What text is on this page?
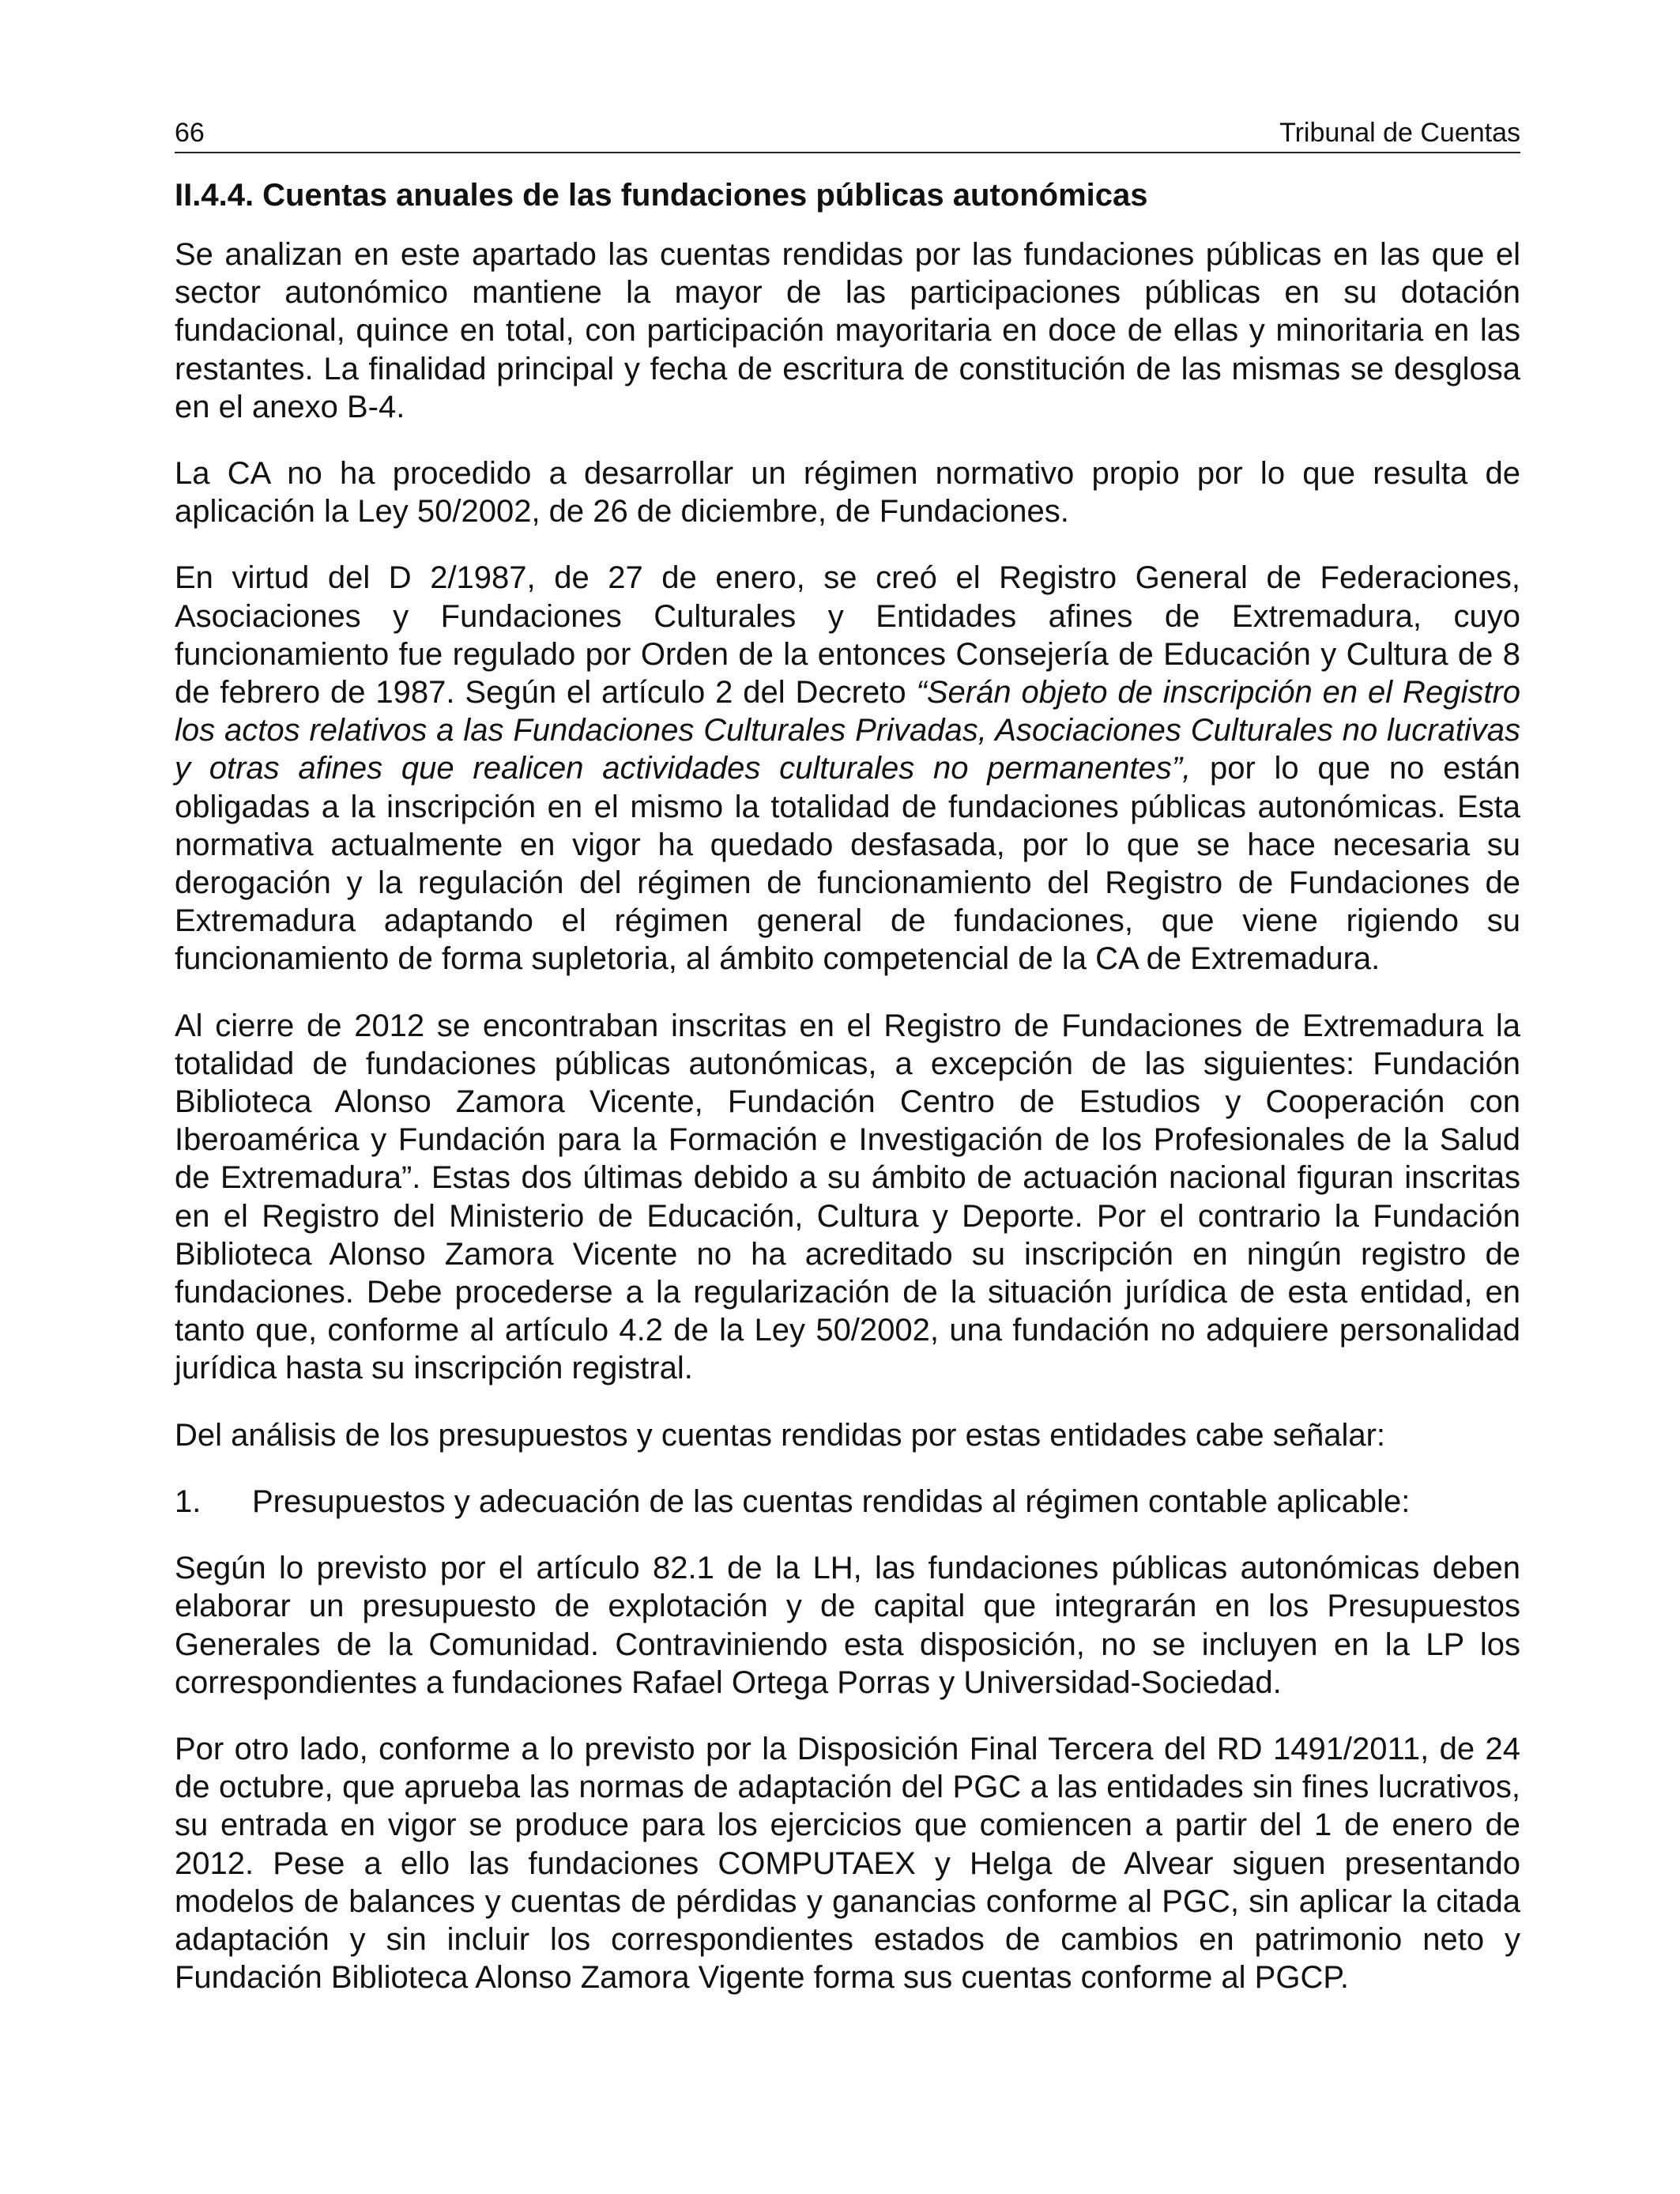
66	Tribunal de Cuentas
II.4.4. Cuentas anuales de las fundaciones públicas autonómicas

Se analizan en este apartado las cuentas rendidas por las fundaciones públicas en las que el sector autonómico mantiene la mayor de las participaciones públicas en su dotación fundacional, quince en total, con participación mayoritaria en doce de ellas y minoritaria en las restantes. La finalidad principal y fecha de escritura de constitución de las mismas se desglosa en el anexo B-4.

La CA no ha procedido a desarrollar un régimen normativo propio por lo que resulta de aplicación la Ley 50/2002, de 26 de diciembre, de Fundaciones.

En virtud del D 2/1987, de 27 de enero, se creó el Registro General de Federaciones, Asociaciones y Fundaciones Culturales y Entidades afines de Extremadura, cuyo funcionamiento fue regulado por Orden de la entonces Consejería de Educación y Cultura de 8 de febrero de 1987. Según el artículo 2 del Decreto “Serán objeto de inscripción en el Registro los actos relativos a las Fundaciones Culturales Privadas, Asociaciones Culturales no lucrativas y otras afines que realicen actividades culturales no permanentes”, por lo que no están obligadas a la inscripción en el mismo la totalidad de fundaciones públicas autonómicas. Esta normativa actualmente en vigor ha quedado desfasada, por lo que se hace necesaria su derogación y la regulación del régimen de funcionamiento del Registro de Fundaciones de Extremadura adaptando el régimen general de fundaciones, que viene rigiendo su funcionamiento de forma supletoria, al ámbito competencial de la CA de Extremadura.

Al cierre de 2012 se encontraban inscritas en el Registro de Fundaciones de Extremadura la totalidad de fundaciones públicas autonómicas, a excepción de las siguientes: Fundación Biblioteca Alonso Zamora Vicente, Fundación Centro de Estudios y Cooperación con Iberoamérica y Fundación para la Formación e Investigación de los Profesionales de la Salud de Extremadura”. Estas dos últimas debido a su ámbito de actuación nacional figuran inscritas en el Registro del Ministerio de Educación, Cultura y Deporte. Por el contrario la Fundación Biblioteca Alonso Zamora Vicente no ha acreditado su inscripción en ningún registro de fundaciones. Debe procederse a la regularización de la situación jurídica de esta entidad, en tanto que, conforme al artículo 4.2 de la Ley 50/2002, una fundación no adquiere personalidad jurídica hasta su inscripción registral.

Del análisis de los presupuestos y cuentas rendidas por estas entidades cabe señalar:

1.	Presupuestos y adecuación de las cuentas rendidas al régimen contable aplicable:

Según lo previsto por el artículo 82.1 de la LH, las fundaciones públicas autonómicas deben elaborar un presupuesto de explotación y de capital que integrarán en los Presupuestos Generales de la Comunidad. Contraviniendo esta disposición, no se incluyen en la LP los correspondientes a fundaciones Rafael Ortega Porras y Universidad-Sociedad.

Por otro lado, conforme a lo previsto por la Disposición Final Tercera del RD 1491/2011, de 24 de octubre, que aprueba las normas de adaptación del PGC a las entidades sin fines lucrativos, su entrada en vigor se produce para los ejercicios que comiencen a partir del 1 de enero de 2012. Pese a ello las fundaciones COMPUTAEX y Helga de Alvear siguen presentando modelos de balances y cuentas de pérdidas y ganancias conforme al PGC, sin aplicar la citada adaptación y sin incluir los correspondientes estados de cambios en patrimonio neto y Fundación Biblioteca Alonso Zamora Vigente forma sus cuentas conforme al PGCP.
